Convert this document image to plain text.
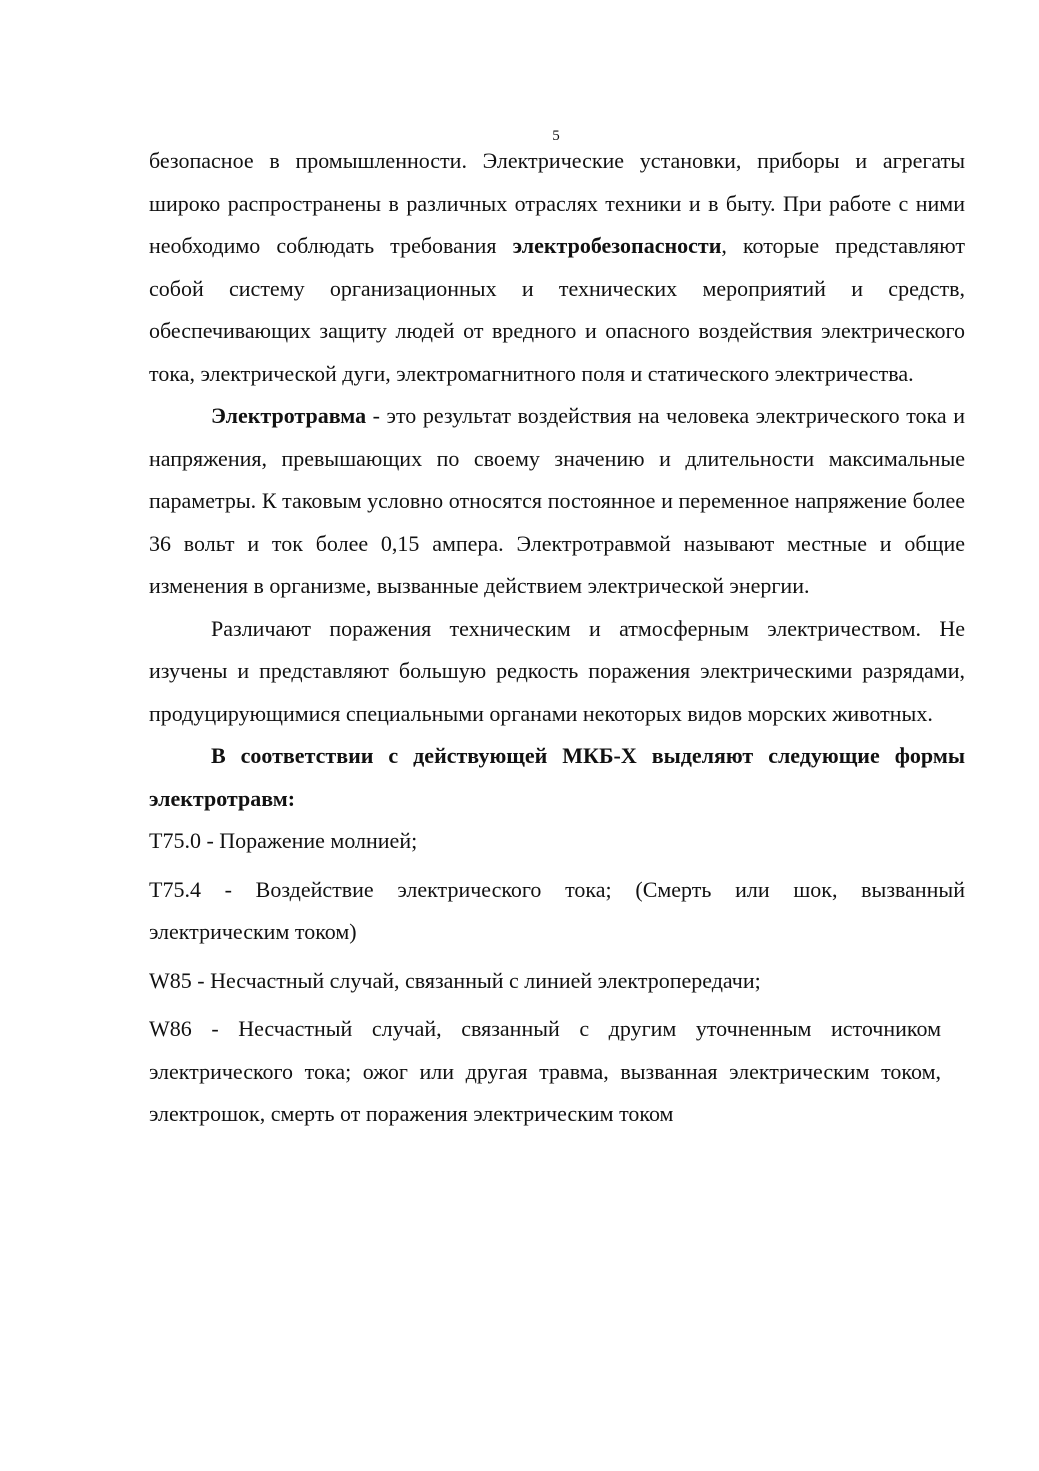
5

безопасное в промышленности. Электрические установки, приборы и агрегаты широко распространены в различных отраслях техники и в быту. При работе с ними необходимо соблюдать требования электробезопасности, которые представляют собой систему организационных и технических мероприятий и средств, обеспечивающих защиту людей от вредного и опасного воздействия электрического тока, электрической дуги, электромагнитного поля и статического электричества.

Электротравма - это результат воздействия на человека электрического тока и напряжения, превышающих по своему значению и длительности максимальные параметры. К таковым условно относятся постоянное и переменное напряжение более 36 вольт и ток более 0,15 ампера. Электротравмой называют местные и общие изменения в организме, вызванные действием электрической энергии.

Различают поражения техническим и атмосферным электричеством. Не изучены и представляют большую редкость поражения электрическими разрядами, продуцирующимися специальными органами некоторых видов морских животных.

В соответствии с действующей МКБ-Х выделяют следующие формы электротравм:

Т75.0 - Поражение молнией;

Т75.4 - Воздействие электрического тока; (Смерть или шок, вызванный электрическим током)

W85 - Несчастный случай, связанный с линией электропередачи;

W86 - Несчастный случай, связанный с другим уточненным источником электрического тока; ожог или другая травма, вызванная электрическим током, электрошок, смерть от поражения электрическим током
